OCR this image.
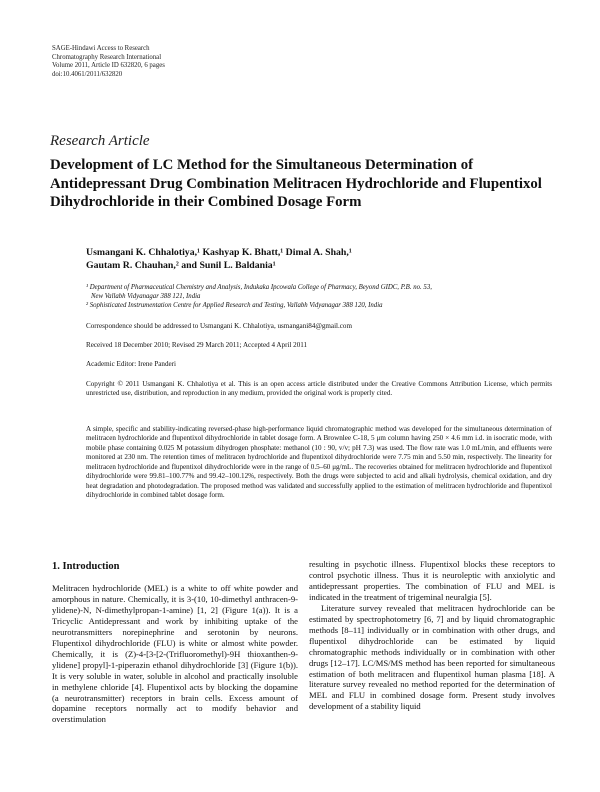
SAGE-Hindawi Access to Research
Chromatography Research International
Volume 2011, Article ID 632820, 6 pages
doi:10.4061/2011/632820
Research Article
Development of LC Method for the Simultaneous Determination of Antidepressant Drug Combination Melitracen Hydrochloride and Flupentixol Dihydrochloride in their Combined Dosage Form
Usmangani K. Chhalotiya,¹ Kashyap K. Bhatt,¹ Dimal A. Shah,¹
Gautam R. Chauhan,² and Sunil L. Baldania¹
¹ Department of Pharmaceutical Chemistry and Analysis, Indukaka Ipcowala College of Pharmacy, Beyond GIDC, P.B. no. 53,
New Vallabh Vidyanagar 388 121, India
² Sophisticated Instrumentation Centre for Applied Research and Testing, Vallabh Vidyanagar 388 120, India
Correspondence should be addressed to Usmangani K. Chhalotiya, usmangani84@gmail.com
Received 18 December 2010; Revised 29 March 2011; Accepted 4 April 2011
Academic Editor: Irene Panderi
Copyright © 2011 Usmangani K. Chhalotiya et al. This is an open access article distributed under the Creative Commons Attribution License, which permits unrestricted use, distribution, and reproduction in any medium, provided the original work is properly cited.
A simple, specific and stability-indicating reversed-phase high-performance liquid chromatographic method was developed for the simultaneous determination of melitracen hydrochloride and flupentixol dihydrochloride in tablet dosage form. A Brownlee C-18, 5 μm column having 250 × 4.6 mm i.d. in isocratic mode, with mobile phase containing 0.025 M potassium dihydrogen phosphate: methanol (10 : 90, v/v; pH 7.3) was used. The flow rate was 1.0 mL/min, and effluents were monitored at 230 nm. The retention times of melitracen hydrochloride and flupentixol dihydrochloride were 7.75 min and 5.50 min, respectively. The linearity for melitracen hydrochloride and flupentixol dihydrochloride were in the range of 0.5–60 μg/mL. The recoveries obtained for melitracen hydrochloride and flupentixol dihydrochloride were 99.81–100.77% and 99.42–100.12%, respectively. Both the drugs were subjected to acid and alkali hydrolysis, chemical oxidation, and dry heat degradation and photodegradation. The proposed method was validated and successfully applied to the estimation of melitracen hydrochloride and flupentixol dihydrochloride in combined tablet dosage form.
1. Introduction

Melitracen hydrochloride (MEL) is a white to off white powder and amorphous in nature. Chemically, it is 3-(10, 10-dimethyl anthracen-9-ylidene)-N, N-dimethylpropan-1-amine) [1, 2] (Figure 1(a)). It is a Tricyclic Antidepressant and work by inhibiting uptake of the neurotransmitters norepinephrine and serotonin by neurons. Flupentixol dihydrochloride (FLU) is white or almost white powder. Chemically, it is (Z)-4-[3-[2-(Trifluoromethyl)-9H thioxanthen-9-ylidene] propyl]-1-piperazin ethanol dihydrochloride [3] (Figure 1(b)). It is very soluble in water, soluble in alcohol and practically insoluble in methylene chloride [4]. Flupentixol acts by blocking the dopamine (a neurotransmitter) receptors in brain cells. Excess amount of dopamine receptors normally act to modify behavior and overstimulation

resulting in psychotic illness. Flupentixol blocks these receptors to control psychotic illness. Thus it is neuroleptic with anxiolytic and antidepressant properties. The combination of FLU and MEL is indicated in the treatment of trigeminal neuralgia [5].

Literature survey revealed that melitracen hydrochloride can be estimated by spectrophotometry [6, 7] and by liquid chromatographic methods [8–11] individually or in combination with other drugs, and flupentixol dihydrochloride can be estimated by liquid chromatographic methods individually or in combination with other drugs [12–17]. LC/MS/MS method has been reported for simultaneous estimation of both melitracen and flupentixol human plasma [18]. A literature survey revealed no method reported for the determination of MEL and FLU in combined dosage form. Present study involves development of a stability liquid
